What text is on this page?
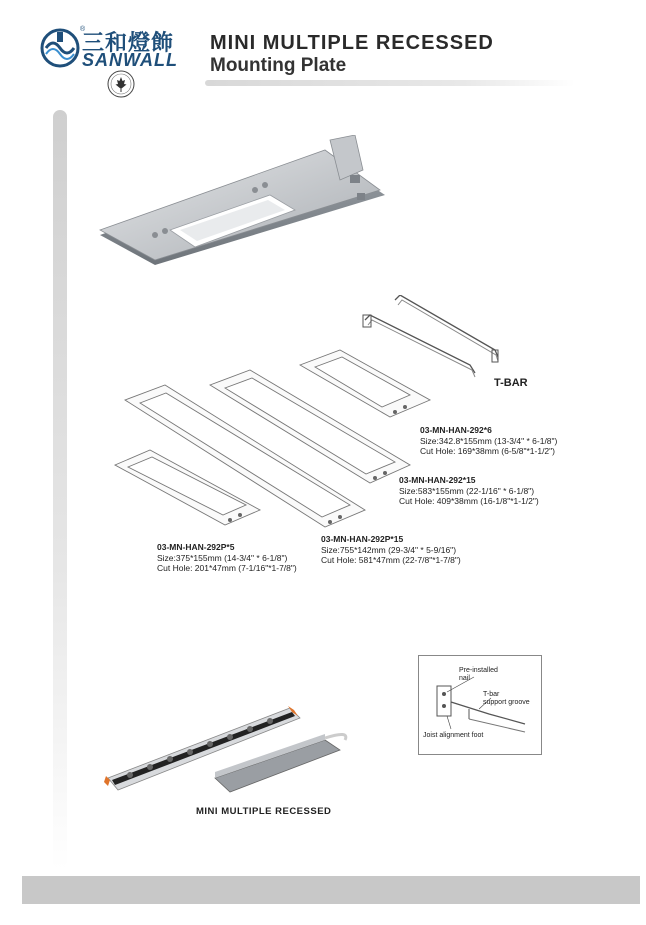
三和燈飾
SANWALL
®
MINI MULTIPLE RECESSED
Mounting Plate
T-BAR
03-MN-HAN-292*6
Size:342.8*155mm (13-3/4" * 6-1/8")
Cut Hole: 169*38mm (6-5/8"*1-1/2")
03-MN-HAN-292*15
Size:583*155mm (22-1/16" * 6-1/8")
Cut Hole: 409*38mm (16-1/8"*1-1/2")
03-MN-HAN-292P*5
Size:375*155mm (14-3/4" * 6-1/8")
Cut Hole: 201*47mm (7-1/16"*1-7/8")
03-MN-HAN-292P*15
Size:755*142mm (29-3/4" * 5-9/16")
Cut Hole: 581*47mm (22-7/8"*1-7/8")
Pre-installed
nail
T-bar
support groove
Joist alignment foot
MINI MULTIPLE RECESSED
